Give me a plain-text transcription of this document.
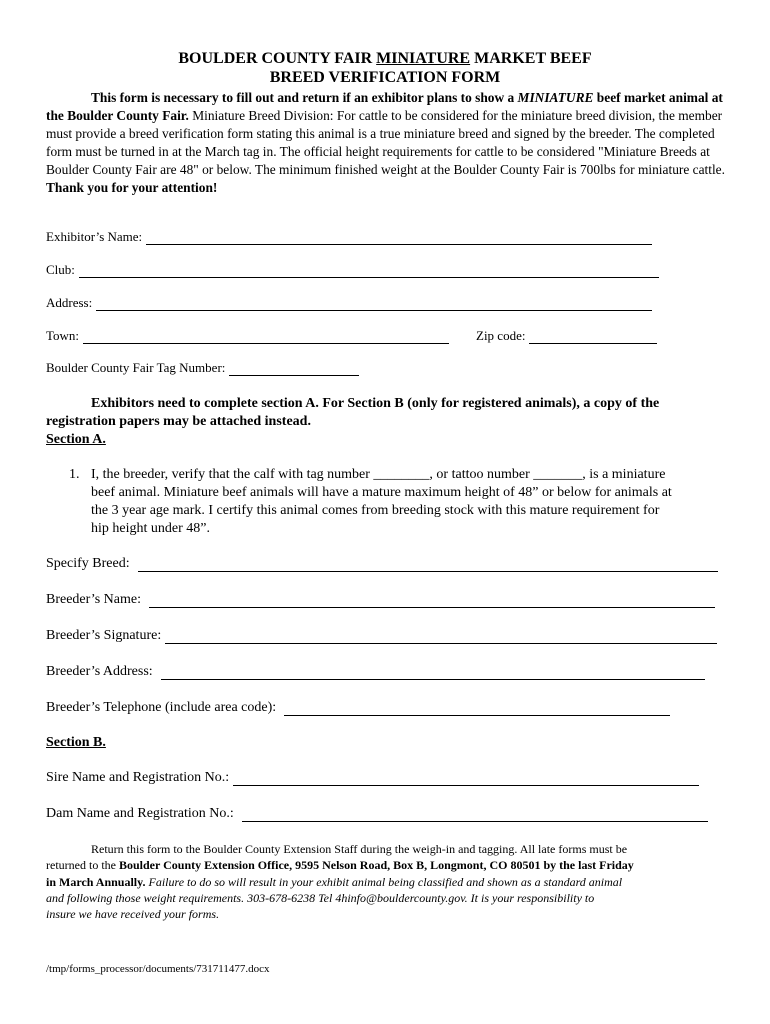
BOULDER COUNTY FAIR MINIATURE MARKET BEEF
BREED VERIFICATION FORM
This form is necessary to fill out and return if an exhibitor plans to show a MINIATURE beef market animal at the Boulder County Fair. Miniature Breed Division: For cattle to be considered for the miniature breed division, the member must provide a breed verification form stating this animal is a true miniature breed and signed by the breeder. The completed form must be turned in at the March tag in. The official height requirements for cattle to be considered "Miniature Breeds at Boulder County Fair are 48" or below. The minimum finished weight at the Boulder County Fair is 700lbs for miniature cattle. Thank you for your attention!
Exhibitor’s Name:
Club:
Address:
Town:	Zip code:
Boulder County Fair Tag Number:
Exhibitors need to complete section A. For Section B (only for registered animals), a copy of the
registration papers may be attached instead.
Section A.
1. I, the breeder, verify that the calf with tag number ________, or tattoo number _______, is a miniature
beef animal. Miniature beef animals will have a mature maximum height of 48” or below for animals at
the 3 year age mark. I certify this animal comes from breeding stock with this mature requirement for
hip height under 48”.
Specify Breed:
Breeder’s Name:
Breeder’s Signature:
Breeder’s Address:
Breeder’s Telephone (include area code):
Section B.
Sire Name and Registration No.:
Dam Name and Registration No.:
Return this form to the Boulder County Extension Staff during the weigh-in and tagging. All late forms must be
returned to the Boulder County Extension Office, 9595 Nelson Road, Box B, Longmont, CO 80501 by the last Friday
in March Annually. Failure to do so will result in your exhibit animal being classified and shown as a standard animal
and following those weight requirements. 303-678-6238 Tel 4hinfo@bouldercounty.gov. It is your responsibility to
insure we have received your forms.
/tmp/forms_processor/documents/731711477.docx
